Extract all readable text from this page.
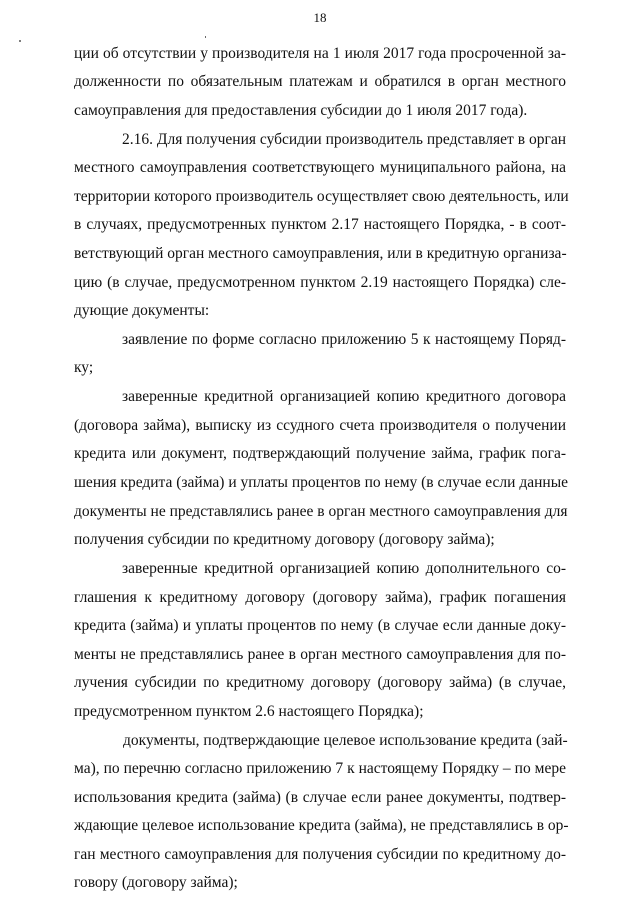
18
ции об отсутствии у производителя на 1 июля 2017 года просроченной за-
долженности по обязательным платежам и обратился в орган местного
самоуправления для предоставления субсидии до 1 июля 2017 года).
2.16. Для получения субсидии производитель представляет в орган
местного самоуправления соответствующего муниципального района, на
территории которого производитель осуществляет свою деятельность, или
в случаях, предусмотренных пунктом 2.17 настоящего Порядка, - в соот-
ветствующий орган местного самоуправления, или в кредитную организа-
цию (в случае, предусмотренном пунктом 2.19 настоящего Порядка) сле-
дующие документы:
заявление по форме согласно приложению 5 к настоящему Поряд-
ку;
заверенные кредитной организацией копию кредитного договора
(договора займа), выписку из ссудного счета производителя о получении
кредита или документ, подтверждающий получение займа, график пога-
шения кредита (займа) и уплаты процентов по нему (в случае если данные
документы не представлялись ранее в орган местного самоуправления для
получения субсидии по кредитному договору (договору займа);
заверенные кредитной организацией копию дополнительного со-
глашения к кредитному договору (договору займа), график погашения
кредита (займа) и уплаты процентов по нему (в случае если данные доку-
менты не представлялись ранее в орган местного самоуправления для по-
лучения субсидии по кредитному договору (договору займа) (в случае,
предусмотренном пунктом 2.6 настоящего Порядка);
документы, подтверждающие целевое использование кредита (зай-
ма), по перечню согласно приложению 7 к настоящему Порядку – по мере
использования кредита (займа) (в случае если ранее документы, подтвер-
ждающие целевое использование кредита (займа), не представлялись в ор-
ган местного самоуправления для получения субсидии по кредитному до-
говору (договору займа);
